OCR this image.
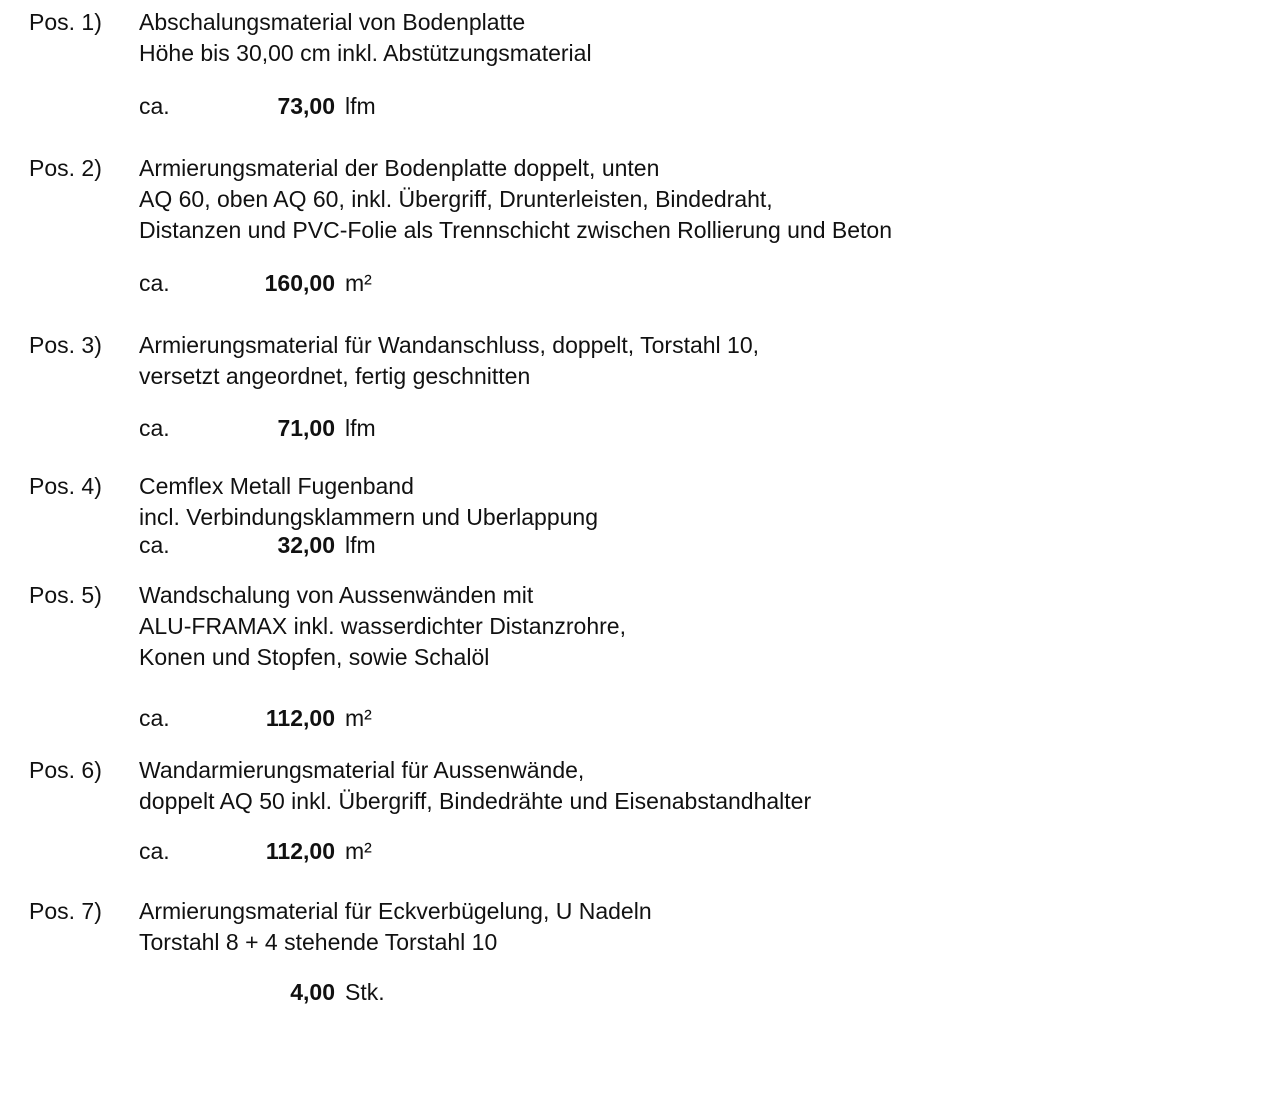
Pos. 1) Abschalungsmaterial von Bodenplatte
Höhe bis 30,00 cm inkl. Abstützungsmaterial
ca.	73,00 lfm
Pos. 2) Armierungsmaterial der Bodenplatte doppelt, unten
AQ 60, oben AQ 60, inkl. Übergriff, Drunterleisten, Bindedraht,
Distanzen und PVC-Folie als Trennschicht zwischen Rollierung und Beton
ca.	160,00 m²
Pos. 3) Armierungsmaterial für Wandanschluss, doppelt, Torstahl 10,
versetzt angeordnet, fertig geschnitten
ca.	71,00 lfm
Pos. 4) Cemflex Metall Fugenband
incl. Verbindungsklammern und Uberlappung
ca.	32,00 lfm
Pos. 5) Wandschalung von Aussenwänden mit
ALU-FRAMAX inkl. wasserdichter Distanzrohre,
Konen und Stopfen, sowie Schalöl
ca.	112,00 m²
Pos. 6) Wandarmierungsmaterial für Aussenwände,
doppelt AQ 50 inkl. Übergriff, Bindedrähte und Eisenabstandhalter
ca.	112,00 m²
Pos. 7) Armierungsmaterial für Eckverbügelung, U Nadeln
Torstahl 8 + 4 stehende Torstahl 10
4,00 Stk.
